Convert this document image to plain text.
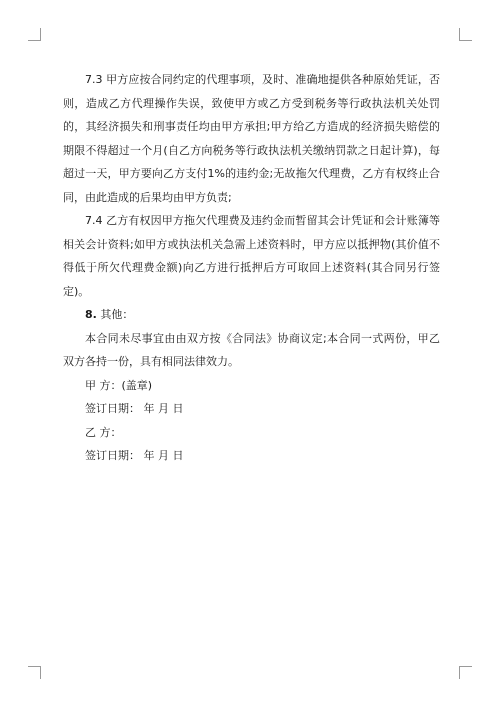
7.3 甲方应按合同约定的代理事项，及时、准确地提供各种原始凭证，否则，造成乙方代理操作失误，致使甲方或乙方受到税务等行政执法机关处罚的，其经济损失和刑事责任均由甲方承担;甲方给乙方造成的经济损失赔偿的期限不得超过一个月(自乙方向税务等行政执法机关缴纳罚款之日起计算)，每超过一天，甲方要向乙方支付1%的违约金;无故拖欠代理费，乙方有权终止合同，由此造成的后果均由甲方负责;

7.4 乙方有权因甲方拖欠代理费及违约金而暂留其会计凭证和会计账簿等相关会计资料;如甲方或执法机关急需上述资料时，甲方应以抵押物(其价值不得低于所欠代理费金额)向乙方进行抵押后方可取回上述资料(其合同另行签定)。

8. 其他：

本合同未尽事宜由由双方按《合同法》协商议定;本合同一式两份，甲乙双方各持一份，具有相同法律效力。

甲 方：(盖章)

签订日期： 年 月 日

乙 方：

签订日期： 年 月 日
